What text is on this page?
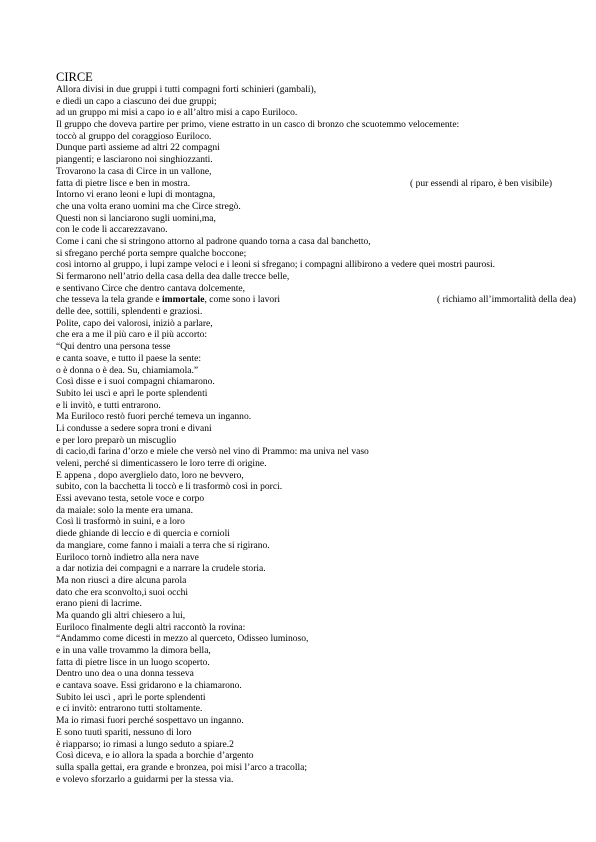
CIRCE
Allora divisi in due gruppi i tutti compagni forti schinieri (gambali),
e diedi un capo a ciascuno dei due gruppi;
ad un gruppo mi misi a capo io e all’altro misi a capo Euriloco.
Il gruppo che doveva partire per primo, viene estratto in un casco di bronzo che scuotemmo velocemente:
toccò al gruppo del coraggioso Euriloco.
Dunque partì assieme ad altri 22 compagni
piangenti; e lasciarono noi singhiozzanti.
Trovarono la casa di Circe in un vallone,
fatta di pietre lisce e ben in mostra.	( pur essendi al riparo, è ben visibile)
Intorno vi erano leoni e lupi di montagna,
che una volta erano uomini ma che Circe stregò.
Questi non si lanciarono sugli uomini,ma,
con le code li accarezzavano.
Come i cani che si stringono attorno al padrone quando torna a casa dal banchetto,
si sfregano perché porta sempre qualche boccone;
così intorno al gruppo, i lupi zampe veloci e i leoni si sfregano; i compagni allibirono a vedere quei mostri paurosi.
Si fermarono nell’atrio della casa della dea dalle trecce belle,
e sentivano Circe che dentro cantava dolcemente,
che tesseva la tela grande e immortale, come sono i lavori	( richiamo all’immortalità della dea)
delle dee, sottili, splendenti e graziosi.
Polite, capo dei valorosi, iniziò a parlare,
che era a me il più caro e il più accorto:
“Qui dentro una persona tesse
e canta soave, e tutto il paese la sente:
o è donna o è dea. Su, chiamiamola.”
Così disse e i suoi compagni chiamarono.
Subito lei uscì e aprì le porte splendenti
e li invitò, e tutti entrarono.
Ma Euriloco restò fuori perché temeva un inganno.
Li condusse a sedere sopra troni e divani
e per loro preparò un miscuglio
di cacio,di farina d’orzo e miele che versò nel vino di Prammo: ma univa nel vaso
veleni, perché si dimenticassero le loro terre di origine.
E appena , dopo averglielo dato, loro ne bevvero,
subito, con la bacchetta li toccò e li trasformò così in porci.
Essi avevano testa, setole voce e corpo
da maiale: solo la mente era umana.
Così li trasformò in suini, e a loro
diede ghiande di leccio e di quercia e cornioli
da mangiare, come fanno i maiali a terra che si rigirano.
Euriloco tornò indietro alla nera nave
a dar notizia dei compagni e a narrare la crudele storia.
Ma non riuscì a dire alcuna parola
dato che era sconvolto,i suoi occhi
erano pieni di lacrime.
Ma quando gli altri chiesero a lui,
Euriloco finalmente degli altri raccontò la rovina:
“Andammo come dicesti in mezzo al querceto, Odisseo luminoso,
e in una valle trovammo la dimora bella,
fatta di pietre lisce in un luogo scoperto.
Dentro uno dea o una donna tesseva
e cantava soave. Essi gridarono e la chiamarono.
Subito lei uscì , aprì le porte splendenti
e ci invitò: entrarono tutti stoltamente.
Ma io rimasi fuori perché sospettavo un inganno.
E sono tuuti spariti, nessuno di loro
è riapparso; io rimasi a lungo seduto a spiare.2
Così diceva, e io allora la spada a borchie d’argento
sulla spalla gettai, era grande e bronzea, poi misi l’arco a tracolla;
e volevo sforzarlo a guidarmi per la stessa via.
